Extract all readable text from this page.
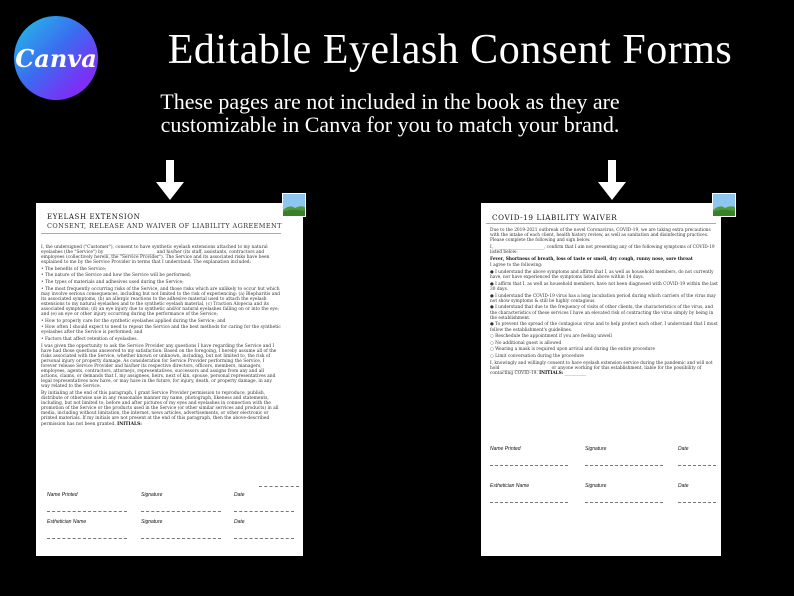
Canva	Editable Eyelash Consent Forms
These pages are not included in the book as they are
customizable in Canva for you to match your brand.
EYELASH EXTENSION
CONSENT, RELEASE AND WAIVER OF LIABILITY AGREEMENT

I, the undersigned ("Customer"), consent to have synthetic eyelash extensions attached to my natural eyelashes (the "Service") by _______________________ and his/her (its staff, assistants, contractors and employees (collectively herein, the "Service Provider"). The Service and its associated risks have been explained to me by the Service Provider in terms that I understand. The explanation included:

• The benefits of the Service;

• The nature of the Service and how the Service will be performed;

• The types of materials and adhesives used during the Service;

• The most frequently occurring risks of the Service, and those risks which are unlikely to occur but which may involve serious consequences, including but not limited to the risk of experiencing: (a) Blepharitis and its associated symptoms, (b) an allergic reactions to the adhesive material used to attach the eyelash extensions to my natural eyelashes and to the synthetic eyelash material, (c) Traction Alopecia and its associated symptoms; (d) an eye injury due to synthetic and/or natural eyelashes falling on or into the eye; and (e) an eye or other injury occurring during the performance of the Service;

• How to properly care for the synthetic eyelashes applied during the Service; and

• How often I should expect to need to repeat the Service and the best methods for caring for the synthetic eyelashes after the Service is performed; and

• Factors that affect retention of eyelashes.

I was given the opportunity to ask the Service Provider any questions I have regarding the Service and I have had those questions answered to my satisfaction. Based on the foregoing, I hereby assume all of the risks associated with the Service, whether known or unknown, including, but not limited to, the risk of personal injury or property damage. As consideration for Service Provider performing the Service, I forever release Service Provider and his/her its respective directors, officers, members, managers, employees, agents, contractors, attorneys, representatives, successors and assigns from any and all actions, claims, or demands that I, my assignees, heirs, next of kin, spouse, personal representatives and legal representatives now have, or may have in the future, for injury, death, or property damage, in any way related to the Service.

By initialing at the end of this paragraph, I grant Service Provider permission to reproduce, publish, distribute or otherwise use in any reasonable manner my name, photograph, likeness and statements, including, but not limited to, before and after pictures of my eyes and eyelashes in connection with the promotion of the Service or the products used in the Service (or other similar services and products) in all media, including without limitation, the internet, news articles, advertisements, or other electronic or printed materials. If my initials are not present at the end of this paragraph, then the above-described permission has not been granted. INITIALS:

Name Printed	Signature	Date
Esthetician Name	Signature	Date
COVID-19 LIABILITY WAIVER

Due to the 2019-2021 outbreak of the novel Coronavirus, COVID-19, we are taking extra precautions with the intake of each client, health history review, as well as sanitation and disinfecting practices. Please complete the following and sign below.

I, _______________________, confirm that I am not presenting any of the following symptoms of COVID-19 listed below:

Fever, Shortness of breath, loss of taste or smell, dry cough, runny nose, sore throat

I agree to the following:

● I understand the above symptoms and affirm that I, as well as household members, do not currently have, nor have experienced the symptoms listed above within 14 days.

● I affirm that I, as well as household members, have not been diagnosed with COVID-19 within the last 30 days.

● I understand the COVID-19 virus has a long incubation period during which carriers of the virus may not show symptoms & still be highly contagious.

● I understand that due to the frequency of visits of other clients, the characteristics of the virus, and the characteristics of these services I have an elevated risk of contracting the virus simply by being in the establishment.

● To prevent the spread of the contagious virus and to help protect each other, I understand that I must follow the establishment's guidelines.

○ Reschedule the appointment if you are feeling unwell

○ No additional guest is allowed

○ Wearing a mask is required upon arrival and during the entire procedure

○ Limit conversation during the procedure

I, knowingly and willingly consent to have eyelash extension service during the pandemic and will not hold _______________________ or anyone working for this establishment, liable for the possibility of contacting COVID-19. INITIALS: __________

Name Printed	Signature	Date
Esthetician Name	Signature	Date
